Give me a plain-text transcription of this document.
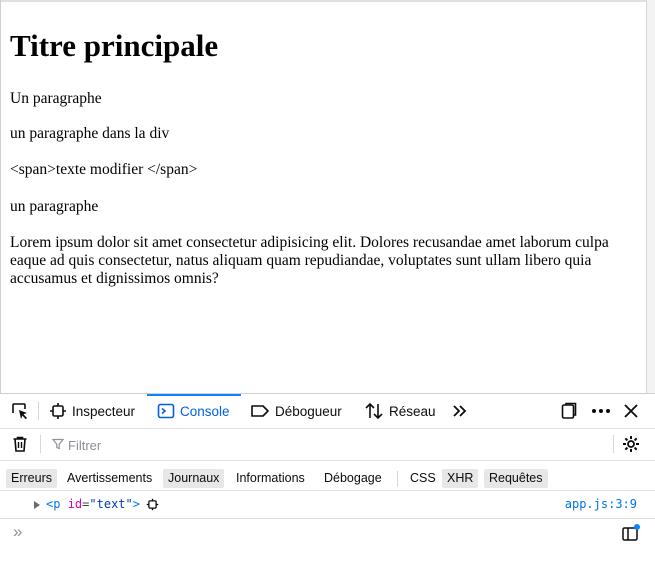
Titre principale

Un paragraphe

un paragraphe dans la div

<span>texte modifier </span>

un paragraphe

Lorem ipsum dolor sit amet consectetur adipisicing elit. Dolores recusandae amet laborum culpa eaque ad quis consectetur, natus aliquam quam repudiandae, voluptates sunt ullam libero quia accusamus et dignissimos omnis?

Inspecteur	Console	Débogueur	Réseau
Filtrer
Erreurs	Avertissements	Journaux	Informations	Débogage	CSS XHR	Requêtes
< p
id = "text" >	app.js:3:9
»
